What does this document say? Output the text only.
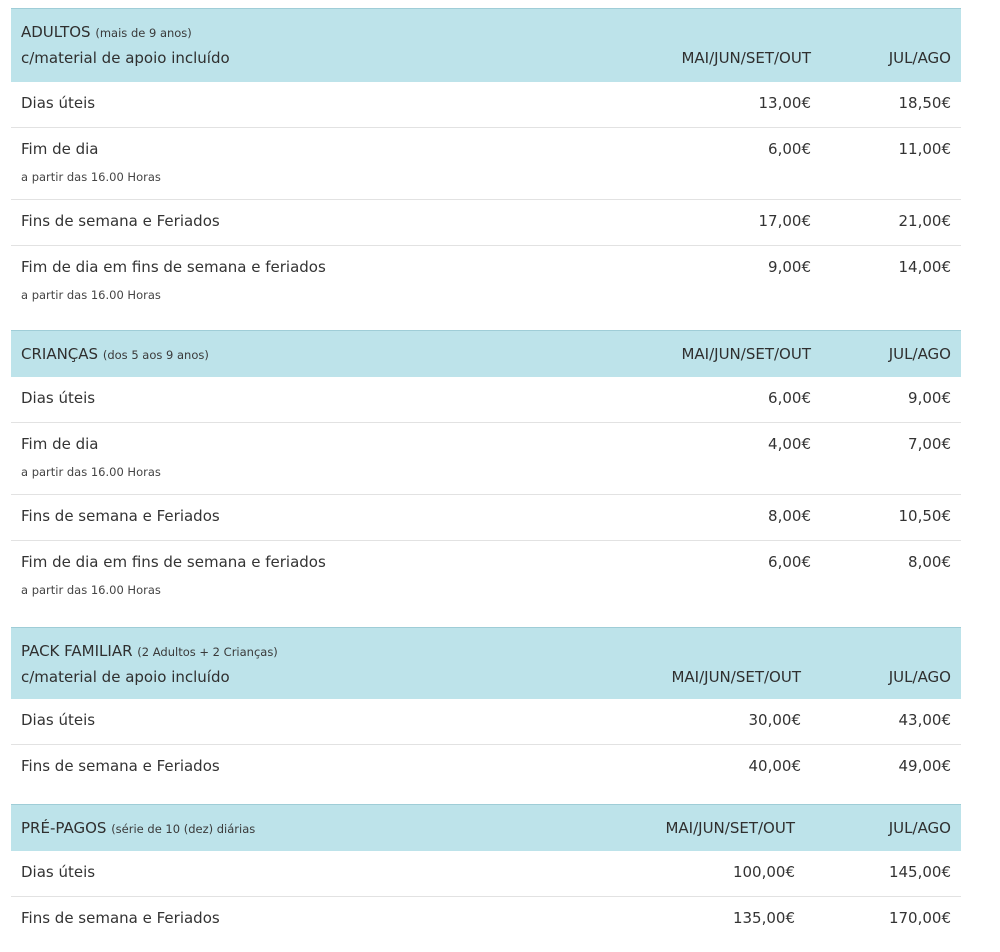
ADULTOS (mais de 9 anos)
c/material de apoio incluído	MAI/JUN/SET/OUT	JUL/AGO
Dias úteis	13,00€	18,50€
Fim de dia
a partir das 16.00 Horas
6,00€	11,00€
Fins de semana e Feriados	17,00€	21,00€
Fim de dia em fins de semana e feriados
a partir das 16.00 Horas
9,00€	14,00€
CRIANÇAS (dos 5 aos 9 anos)	MAI/JUN/SET/OUT	JUL/AGO
Dias úteis	6,00€	9,00€
Fim de dia
a partir das 16.00 Horas
4,00€	7,00€
Fins de semana e Feriados	8,00€	10,50€
Fim de dia em fins de semana e feriados
a partir das 16.00 Horas
6,00€	8,00€
PACK FAMILIAR (2 Adultos + 2 Crianças)
c/material de apoio incluído	MAI/JUN/SET/OUT	JUL/AGO
Dias úteis	30,00€	43,00€
Fins de semana e Feriados	40,00€	49,00€
PRÉ-PAGOS (série de 10 (dez) diárias	MAI/JUN/SET/OUT	JUL/AGO
Dias úteis	100,00€	145,00€
Fins de semana e Feriados	135,00€	170,00€
